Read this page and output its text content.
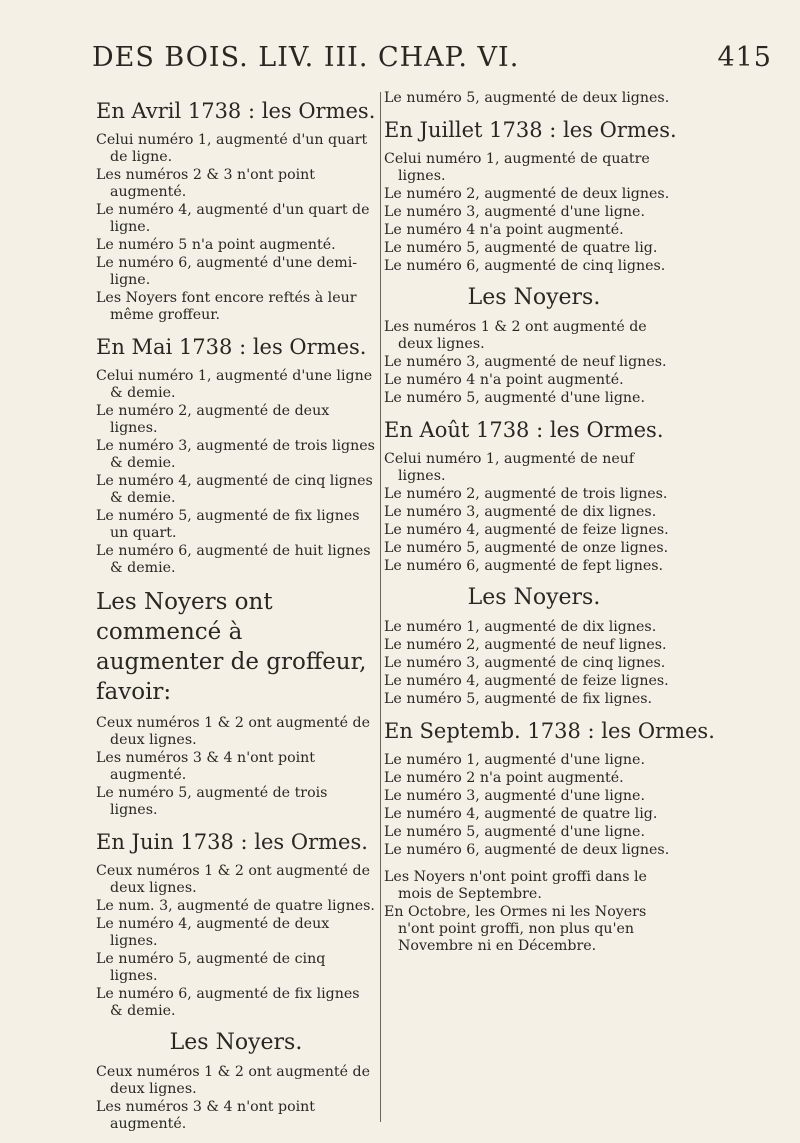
DES BOIS. LIV. III. CHAP. VI.	415
En Avril 1738 : les Ormes.
Celui numéro 1, augmenté d'un quart de ligne.
Les numéros 2 & 3 n'ont point augmenté.
Le numéro 4, augmenté d'un quart de ligne.
Le numéro 5 n'a point augmenté.
Le numéro 6, augmenté d'une demi-ligne.
Les Noyers font encore reftés à leur même groffeur.
En Mai 1738 : les Ormes.
Celui numéro 1, augmenté d'une ligne & demie.
Le numéro 2, augmenté de deux lignes.
Le numéro 3, augmenté de trois lignes & demie.
Le numéro 4, augmenté de cinq lignes & demie.
Le numéro 5, augmenté de fix lignes un quart.
Le numéro 6, augmenté de huit lignes & demie.
Les Noyers ont commencé à augmenter de groffeur, favoir:
Ceux numéros 1 & 2 ont augmenté de deux lignes.
Les numéros 3 & 4 n'ont point augmenté.
Le numéro 5, augmenté de trois lignes.
En Juin 1738 : les Ormes.
Ceux numéros 1 & 2 ont augmenté de deux lignes.
Le num. 3, augmenté de quatre lignes.
Le numéro 4, augmenté de deux lignes.
Le numéro 5, augmenté de cinq lignes.
Le numéro 6, augmenté de fix lignes & demie.
Les Noyers.
Ceux numéros 1 & 2 ont augmenté de deux lignes.
Les numéros 3 & 4 n'ont point augmenté.
Le numéro 5, augmenté de deux lignes.
En Juillet 1738 : les Ormes.
Celui numéro 1, augmenté de quatre lignes.
Le numéro 2, augmenté de deux lignes.
Le numéro 3, augmenté d'une ligne.
Le numéro 4 n'a point augmenté.
Le numéro 5, augmenté de quatre lig.
Le numéro 6, augmenté de cinq lignes.
Les Noyers.
Les numéros 1 & 2 ont augmenté de deux lignes.
Le numéro 3, augmenté de neuf lignes.
Le numéro 4 n'a point augmenté.
Le numéro 5, augmenté d'une ligne.
En Août 1738 : les Ormes.
Celui numéro 1, augmenté de neuf lignes.
Le numéro 2, augmenté de trois lignes.
Le numéro 3, augmenté de dix lignes.
Le numéro 4, augmenté de feize lignes.
Le numéro 5, augmenté de onze lignes.
Le numéro 6, augmenté de fept lignes.
Les Noyers.
Le numéro 1, augmenté de dix lignes.
Le numéro 2, augmenté de neuf lignes.
Le numéro 3, augmenté de cinq lignes.
Le numéro 4, augmenté de feize lignes.
Le numéro 5, augmenté de fix lignes.
En Septemb. 1738 : les Ormes.
Le numéro 1, augmenté d'une ligne.
Le numéro 2 n'a point augmenté.
Le numéro 3, augmenté d'une ligne.
Le numéro 4, augmenté de quatre lig.
Le numéro 5, augmenté d'une ligne.
Le numéro 6, augmenté de deux lignes.
Les Noyers n'ont point groffi dans le mois de Septembre.
En Octobre, les Ormes ni les Noyers n'ont point groffi, non plus qu'en Novembre ni en Décembre.
